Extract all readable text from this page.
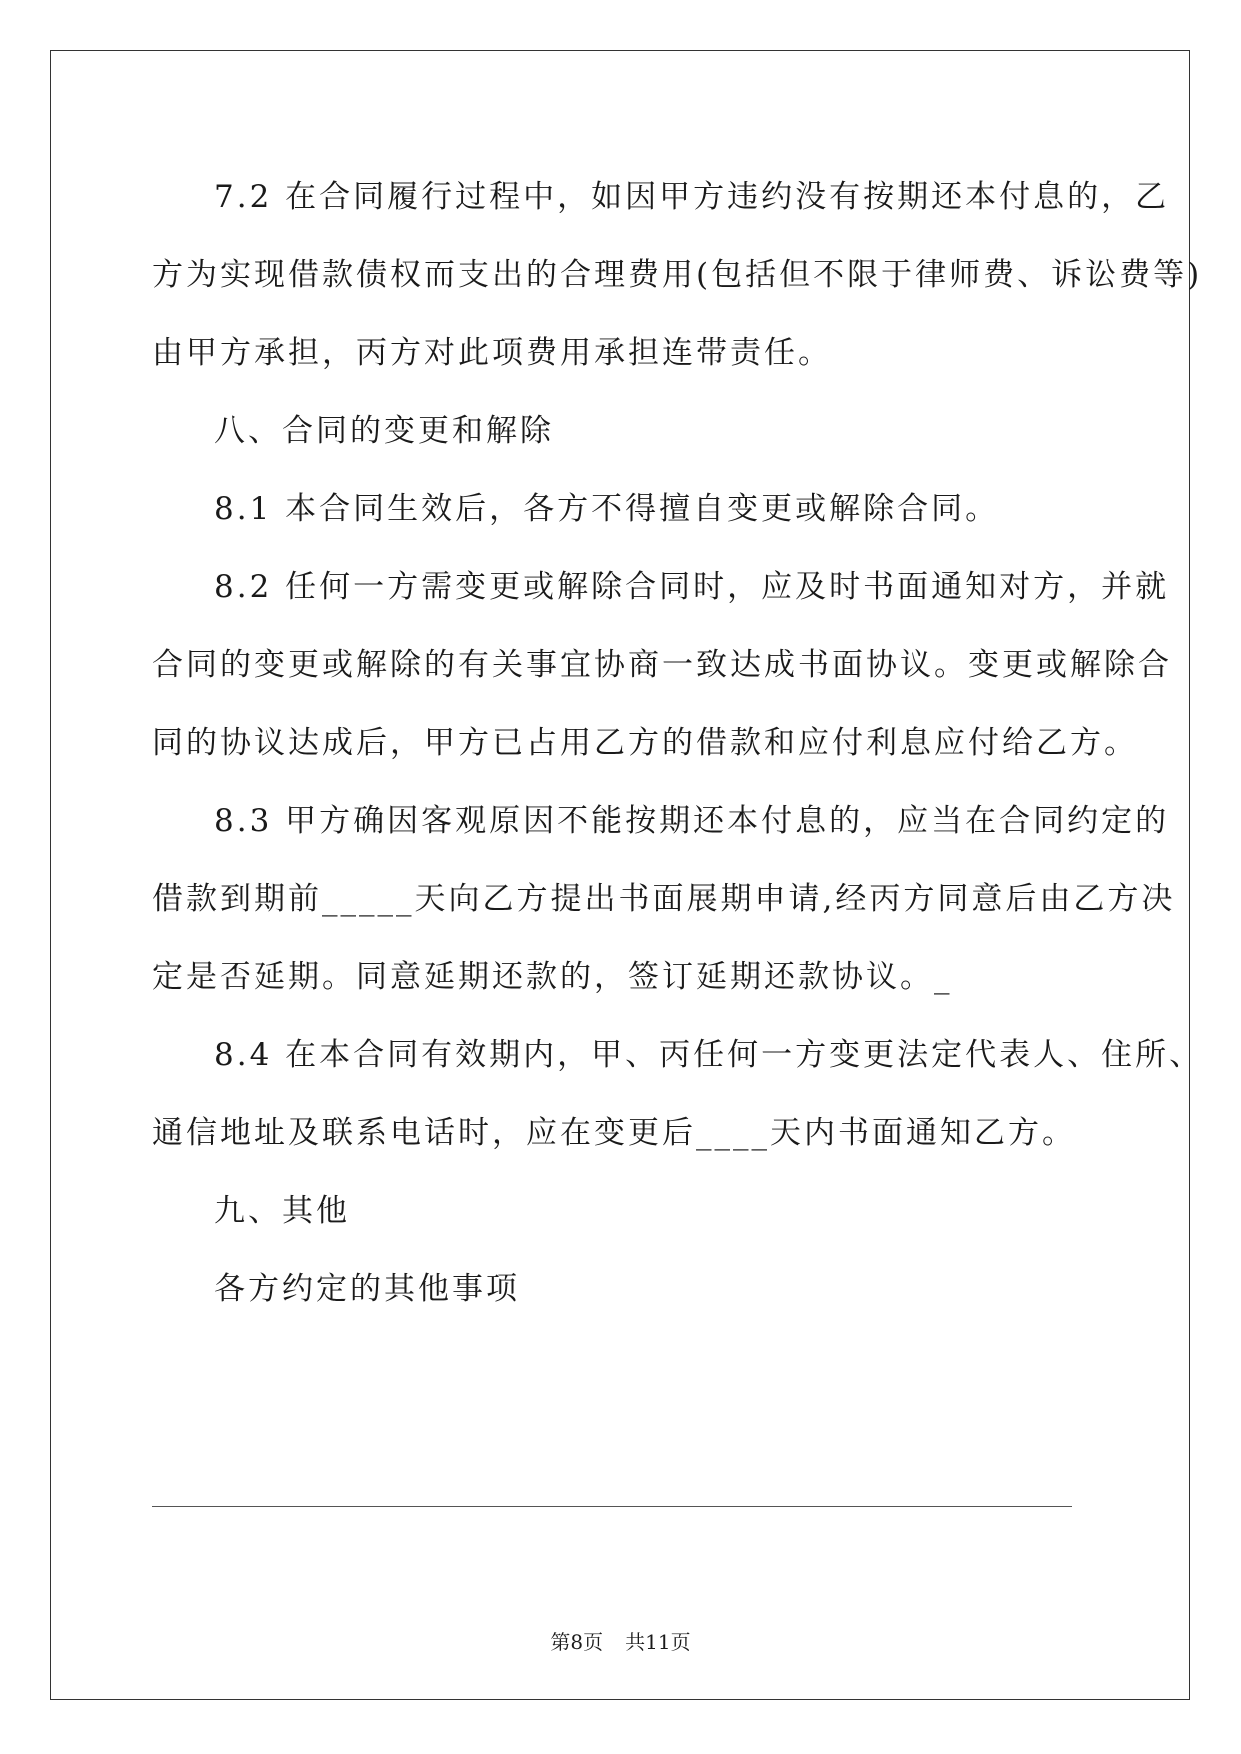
7.2 在合同履行过程中，如因甲方违约没有按期还本付息的，乙
方为实现借款债权而支出的合理费用(包括但不限于律师费、诉讼费等)
由甲方承担，丙方对此项费用承担连带责任。
八、合同的变更和解除
8.1 本合同生效后，各方不得擅自变更或解除合同。
8.2 任何一方需变更或解除合同时，应及时书面通知对方，并就
合同的变更或解除的有关事宜协商一致达成书面协议。变更或解除合
同的协议达成后，甲方已占用乙方的借款和应付利息应付给乙方。
8.3 甲方确因客观原因不能按期还本付息的，应当在合同约定的
借款到期前_____天向乙方提出书面展期申请,经丙方同意后由乙方决
定是否延期。同意延期还款的，签订延期还款协议。_
8.4 在本合同有效期内，甲、丙任何一方变更法定代表人、住所、
通信地址及联系电话时，应在变更后____天内书面通知乙方。
九、其他
各方约定的其他事项
第8页 共11页
